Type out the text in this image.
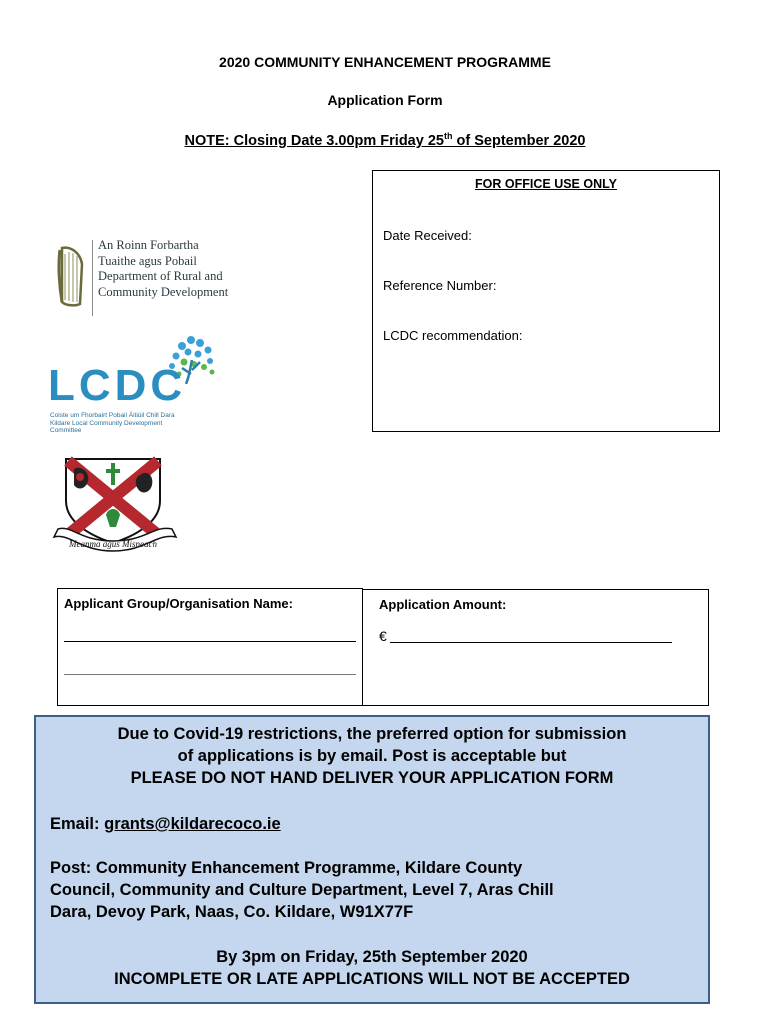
2020 COMMUNITY ENHANCEMENT PROGRAMME
Application Form
NOTE: Closing Date 3.00pm Friday 25th of September 2020
FOR OFFICE USE ONLY
Date Received:
Reference Number:
LCDC recommendation:
An Roinn Forbartha
Tuaithe agus Pobail
Department of Rural and
Community Development
LCDC
Coiste um Fhorbairt Pobail Áitiúil Chill Dara
Kildare Local Community Development
Committee
Meanma agus Misneach
Applicant Group/Organisation Name:	Application Amount:
€
Due to Covid-19 restrictions, the preferred option for submission
of applications is by email. Post is acceptable but
PLEASE DO NOT HAND DELIVER YOUR APPLICATION FORM
Email: grants@kildarecoco.ie
Post: Community Enhancement Programme, Kildare County
Council, Community and Culture Department, Level 7, Aras Chill
Dara, Devoy Park, Naas, Co. Kildare, W91X77F
By 3pm on Friday, 25th September 2020
INCOMPLETE OR LATE APPLICATIONS WILL NOT BE ACCEPTED
